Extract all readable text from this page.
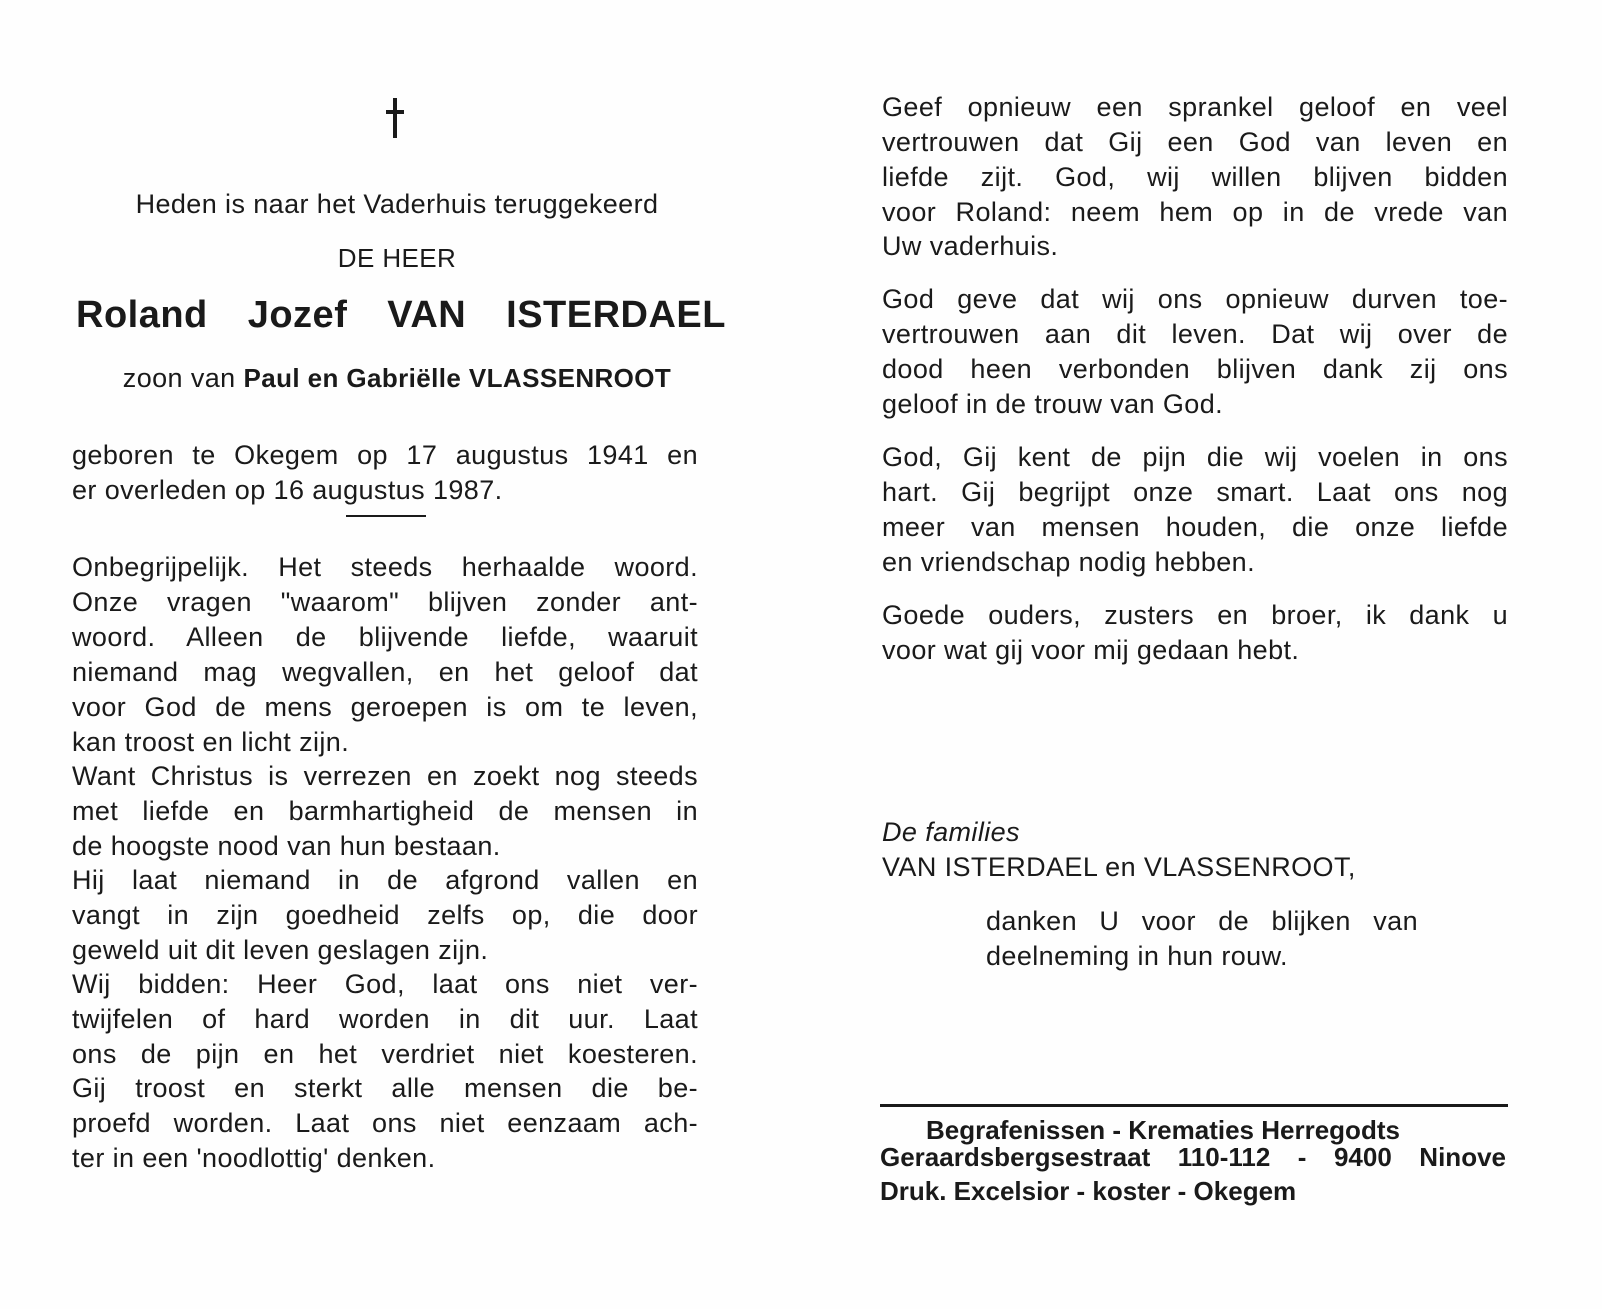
Heden is naar het Vaderhuis teruggekeerd
DE HEER
Roland Jozef VAN ISTERDAEL
zoon van Paul en Gabriëlle VLASSENROOT
geboren te Okegem op 17 augustus 1941 en
er overleden op 16 augustus 1987.
Onbegrijpelijk. Het steeds herhaalde woord.
Onze vragen "waarom" blijven zonder ant-
woord. Alleen de blijvende liefde, waaruit
niemand mag wegvallen, en het geloof dat
voor God de mens geroepen is om te leven,
kan troost en licht zijn.
Want Christus is verrezen en zoekt nog steeds
met liefde en barmhartigheid de mensen in
de hoogste nood van hun bestaan.
Hij laat niemand in de afgrond vallen en
vangt in zijn goedheid zelfs op, die door
geweld uit dit leven geslagen zijn.
Wij bidden: Heer God, laat ons niet ver-
twijfelen of hard worden in dit uur. Laat
ons de pijn en het verdriet niet koesteren.
Gij troost en sterkt alle mensen die be-
proefd worden. Laat ons niet eenzaam ach-
ter in een 'noodlottig' denken.
Geef opnieuw een sprankel geloof en veel
vertrouwen dat Gij een God van leven en
liefde zijt. God, wij willen blijven bidden
voor Roland: neem hem op in de vrede van
Uw vaderhuis.
God geve dat wij ons opnieuw durven toe-
vertrouwen aan dit leven. Dat wij over de
dood heen verbonden blijven dank zij ons
geloof in de trouw van God.
God, Gij kent de pijn die wij voelen in ons
hart. Gij begrijpt onze smart. Laat ons nog
meer van mensen houden, die onze liefde
en vriendschap nodig hebben.
Goede ouders, zusters en broer, ik dank u
voor wat gij voor mij gedaan hebt.
De families
VAN ISTERDAEL en VLASSENROOT,
danken U voor de blijken van
deelneming in hun rouw.
Begrafenissen - Krematies Herregodts
Geraardsbergsestraat 110-112 - 9400 Ninove
Druk. Excelsior - koster - Okegem
